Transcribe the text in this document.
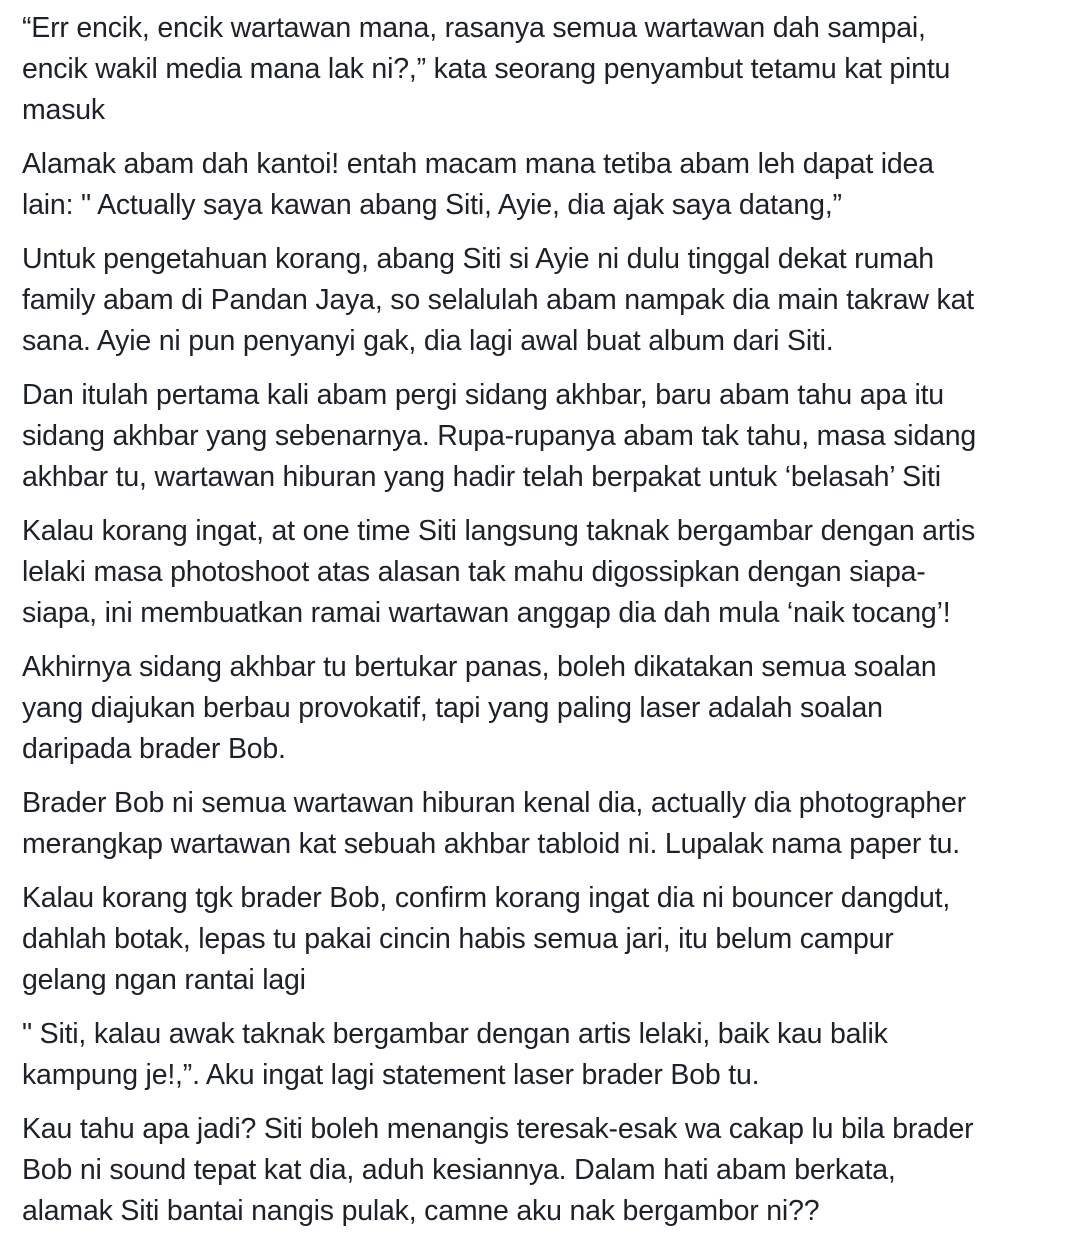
“Err encik, encik wartawan mana, rasanya semua wartawan dah sampai,
encik wakil media mana lak ni?,” kata seorang penyambut tetamu kat pintu
masuk

Alamak abam dah kantoi! entah macam mana tetiba abam leh dapat idea
lain: " Actually saya kawan abang Siti, Ayie, dia ajak saya datang,”

Untuk pengetahuan korang, abang Siti si Ayie ni dulu tinggal dekat rumah
family abam di Pandan Jaya, so selalulah abam nampak dia main takraw kat
sana. Ayie ni pun penyanyi gak, dia lagi awal buat album dari Siti.

Dan itulah pertama kali abam pergi sidang akhbar, baru abam tahu apa itu
sidang akhbar yang sebenarnya. Rupa-rupanya abam tak tahu, masa sidang
akhbar tu, wartawan hiburan yang hadir telah berpakat untuk ‘belasah’ Siti

Kalau korang ingat, at one time Siti langsung taknak bergambar dengan artis
lelaki masa photoshoot atas alasan tak mahu digossipkan dengan siapa-
siapa, ini membuatkan ramai wartawan anggap dia dah mula ‘naik tocang’!

Akhirnya sidang akhbar tu bertukar panas, boleh dikatakan semua soalan
yang diajukan berbau provokatif, tapi yang paling laser adalah soalan
daripada brader Bob.

Brader Bob ni semua wartawan hiburan kenal dia, actually dia photographer
merangkap wartawan kat sebuah akhbar tabloid ni. Lupalak nama paper tu.

Kalau korang tgk brader Bob, confirm korang ingat dia ni bouncer dangdut,
dahlah botak, lepas tu pakai cincin habis semua jari, itu belum campur
gelang ngan rantai lagi

" Siti, kalau awak taknak bergambar dengan artis lelaki, baik kau balik
kampung je!,”. Aku ingat lagi statement laser brader Bob tu.

Kau tahu apa jadi? Siti boleh menangis teresak-esak wa cakap lu bila brader
Bob ni sound tepat kat dia, aduh kesiannya. Dalam hati abam berkata,
alamak Siti bantai nangis pulak, camne aku nak bergambor ni??
